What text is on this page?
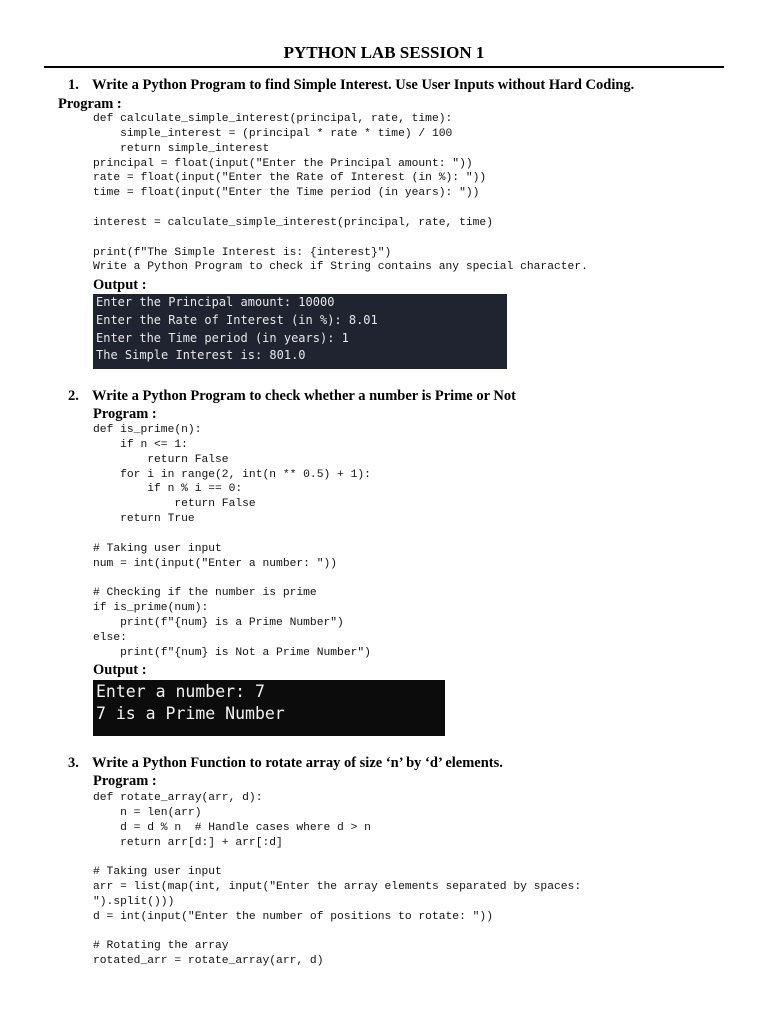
PYTHON LAB SESSION 1
1. Write a Python Program to find Simple Interest. Use User Inputs without Hard Coding.
Program :
def calculate_simple_interest(principal, rate, time):
simple_interest = (principal * rate * time) / 100
return simple_interest
principal = float(input("Enter the Principal amount: "))
rate = float(input("Enter the Rate of Interest (in %): "))
time = float(input("Enter the Time period (in years): "))

interest = calculate_simple_interest(principal, rate, time)

print(f"The Simple Interest is: {interest}")
Write a Python Program to check if String contains any special character.
Output :
Enter the Principal amount: 10000
Enter the Rate of Interest (in %): 8.01
Enter the Time period (in years): 1
The Simple Interest is: 801.0
2. Write a Python Program to check whether a number is Prime or Not
Program :
def is_prime(n):
if n <= 1:
return False
for i in range(2, int(n ** 0.5) + 1):
if n % i == 0:
return False
return True

# Taking user input
num = int(input("Enter a number: "))

# Checking if the number is prime
if is_prime(num):
print(f"{num} is a Prime Number")
else:
print(f"{num} is Not a Prime Number")
Output :
Enter a number: 7
7 is a Prime Number
3. Write a Python Function to rotate array of size ‘n’ by ‘d’ elements.
Program :
def rotate_array(arr, d):
n = len(arr)
d = d % n  # Handle cases where d > n
return arr[d:] + arr[:d]

# Taking user input
arr = list(map(int, input("Enter the array elements separated by spaces:
").split()))
d = int(input("Enter the number of positions to rotate: "))

# Rotating the array
rotated_arr = rotate_array(arr, d)
